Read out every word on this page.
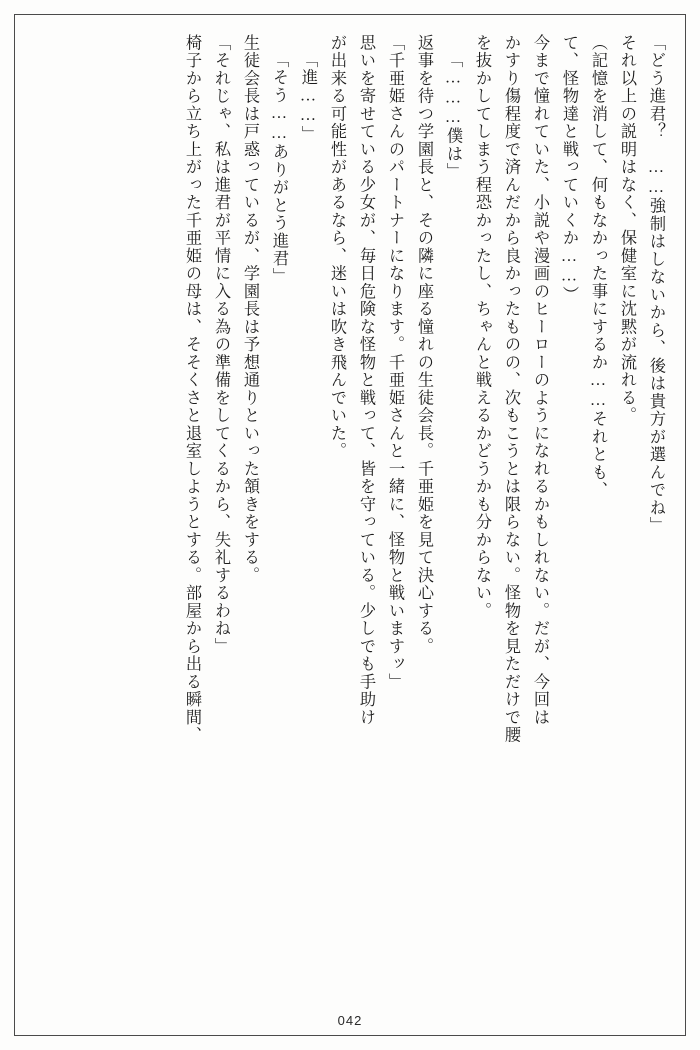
「どう進君？　……強制はしないから、後は貴方が選んでね」
それ以上の説明はなく、保健室に沈黙が流れる。
（記憶を消して、何もなかった事にするか……それとも、
て、怪物達と戦っていくか……）
今まで憧れていた、小説や漫画のヒーローのようになれるかもしれない。だが、今回は
かすり傷程度で済んだから良かったものの、次もこうとは限らない。怪物を見ただけで腰
を抜かしてしまう程恐かったし、ちゃんと戦えるかどうかも分からない。
「………僕は」
返事を待つ学園長と、その隣に座る憧れの生徒会長。千亜姫を見て決心する。
「千亜姫さんのパートナーになります。千亜姫さんと一緒に、怪物と戦いますッ」
思いを寄せている少女が、毎日危険な怪物と戦って、皆を守っている。少しでも手助け
が出来る可能性があるなら、迷いは吹き飛んでいた。
「進……」
「そう……ありがとう進君」
生徒会長は戸惑っているが、学園長は予想通りといった頷きをする。
「それじゃ、私は進君が平情に入る為の準備をしてくるから、失礼するわね」
椅子から立ち上がった千亜姫の母は、そそくさと退室しようとする。部屋から出る瞬間、
042
